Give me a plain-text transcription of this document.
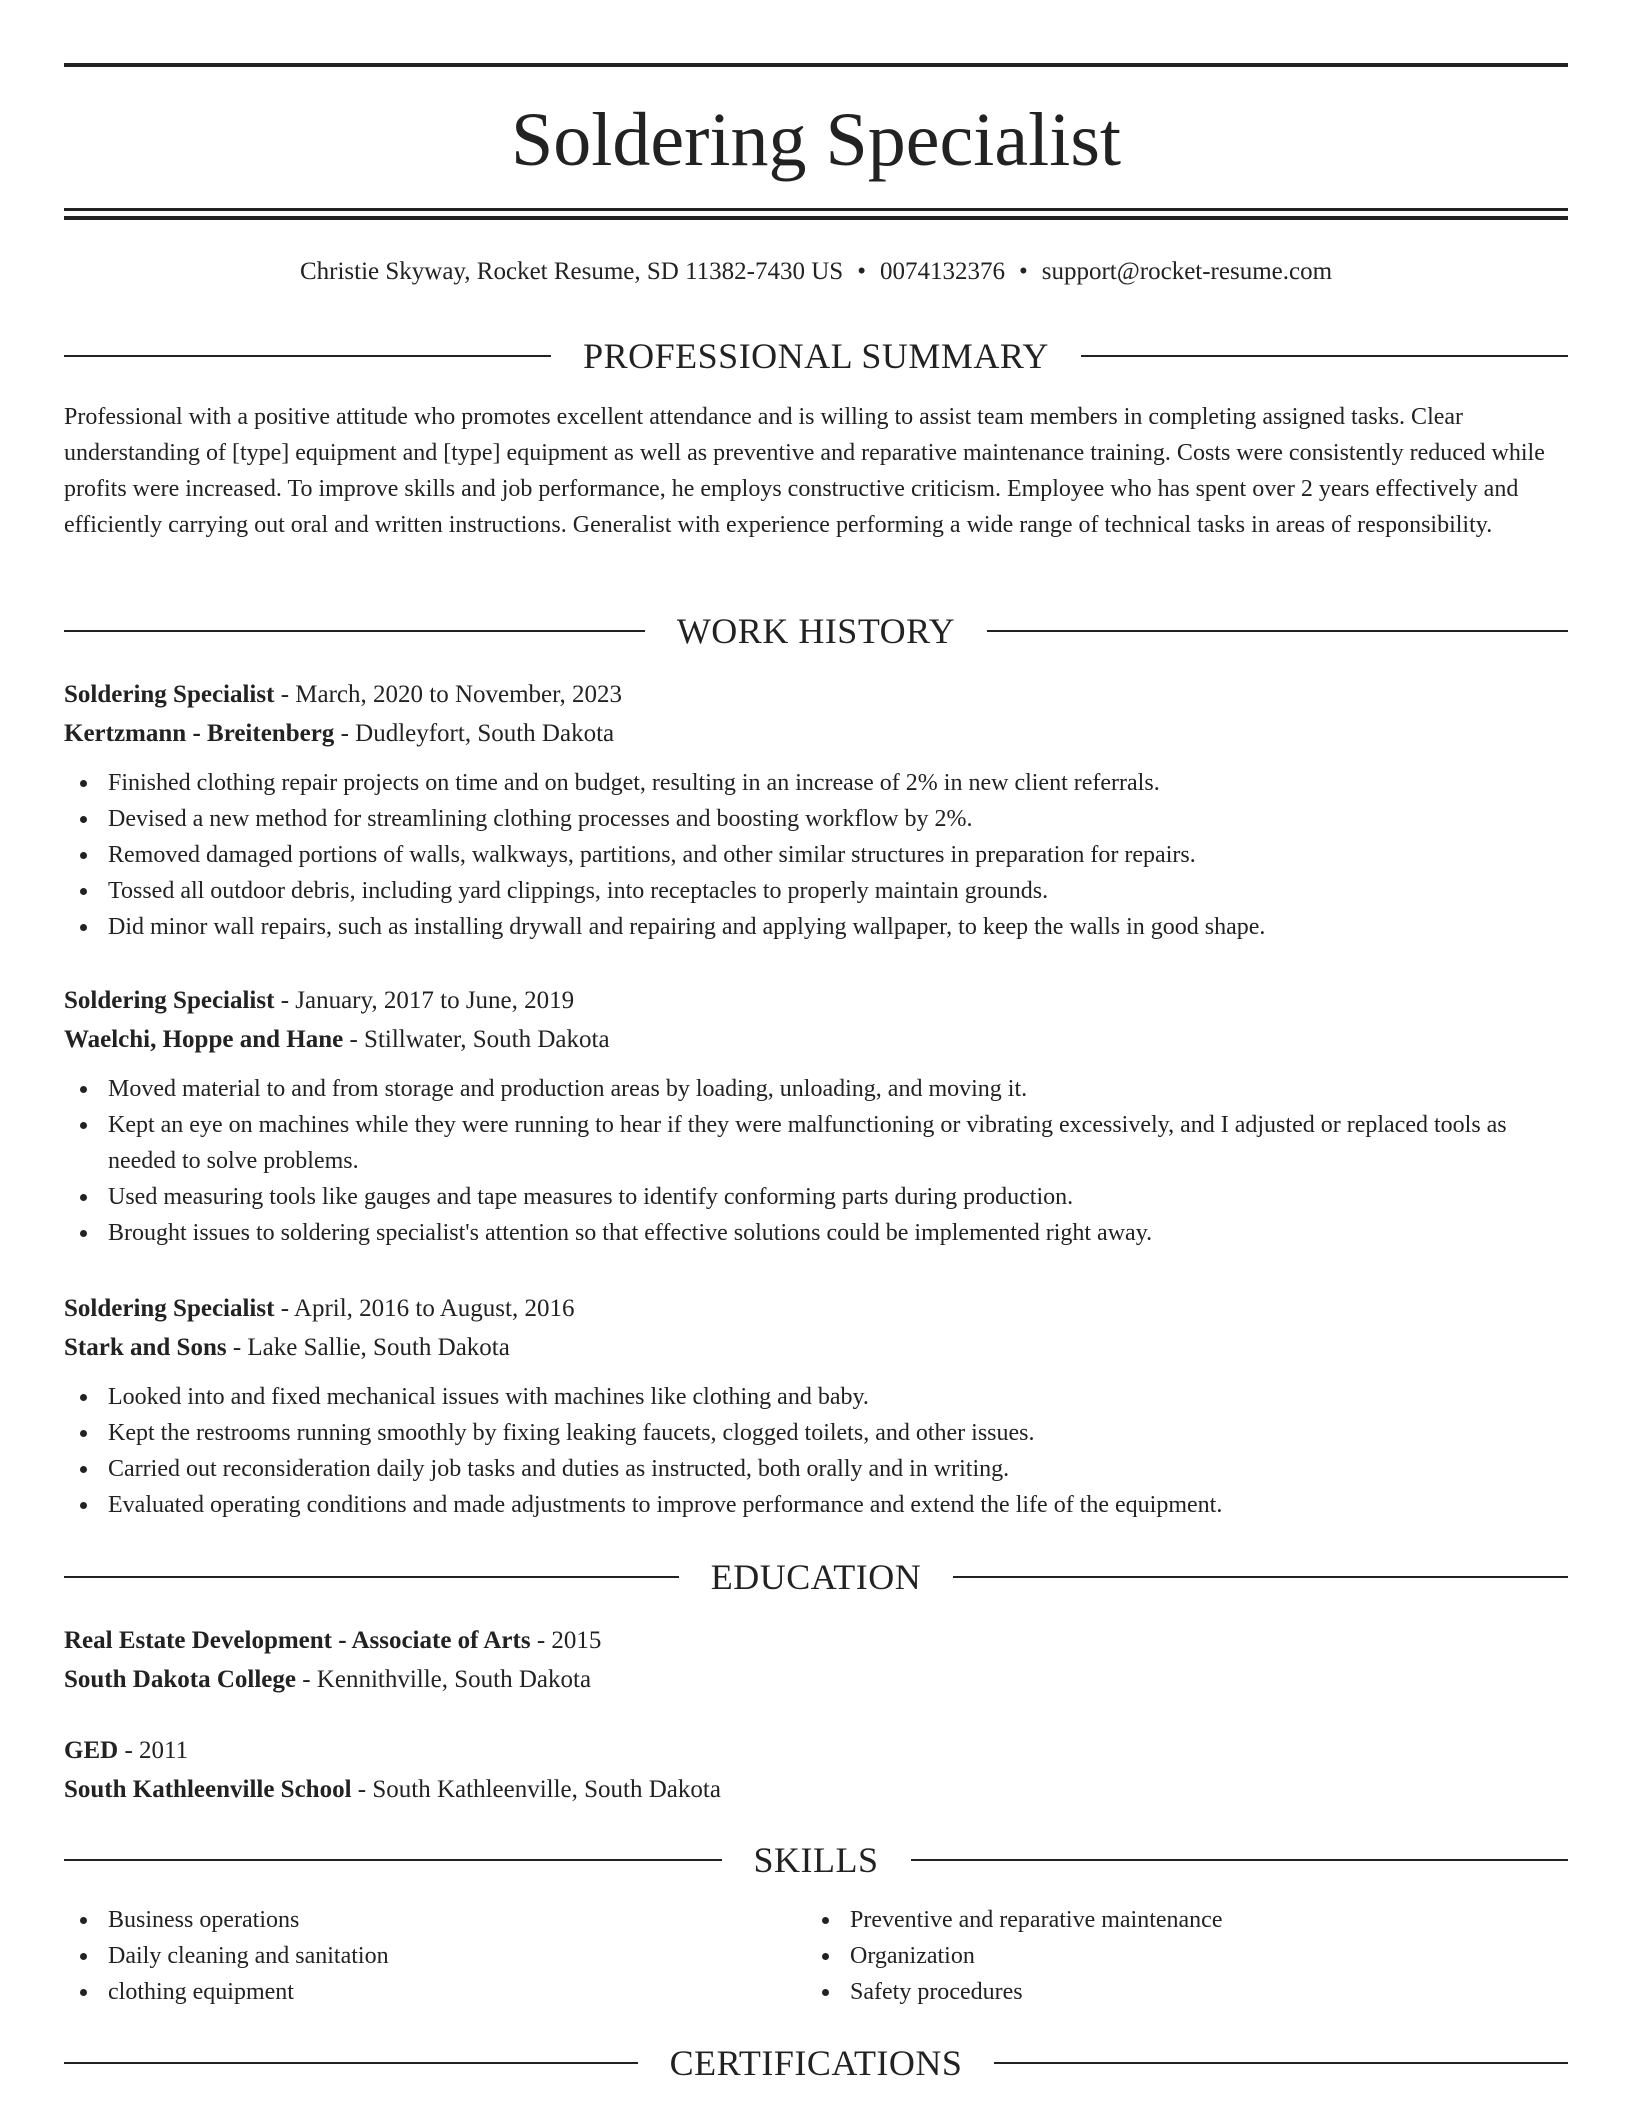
Soldering Specialist
Christie Skyway, Rocket Resume, SD 11382-7430 US • 0074132376 • support@rocket-resume.com
PROFESSIONAL SUMMARY
Professional with a positive attitude who promotes excellent attendance and is willing to assist team members in completing assigned tasks. Clear understanding of [type] equipment and [type] equipment as well as preventive and reparative maintenance training. Costs were consistently reduced while profits were increased. To improve skills and job performance, he employs constructive criticism. Employee who has spent over 2 years effectively and efficiently carrying out oral and written instructions. Generalist with experience performing a wide range of technical tasks in areas of responsibility.
WORK HISTORY
Soldering Specialist - March, 2020 to November, 2023
Kertzmann - Breitenberg - Dudleyfort, South Dakota
Finished clothing repair projects on time and on budget, resulting in an increase of 2% in new client referrals.
Devised a new method for streamlining clothing processes and boosting workflow by 2%.
Removed damaged portions of walls, walkways, partitions, and other similar structures in preparation for repairs.
Tossed all outdoor debris, including yard clippings, into receptacles to properly maintain grounds.
Did minor wall repairs, such as installing drywall and repairing and applying wallpaper, to keep the walls in good shape.
Soldering Specialist - January, 2017 to June, 2019
Waelchi, Hoppe and Hane - Stillwater, South Dakota
Moved material to and from storage and production areas by loading, unloading, and moving it.
Kept an eye on machines while they were running to hear if they were malfunctioning or vibrating excessively, and I adjusted or replaced tools as needed to solve problems.
Used measuring tools like gauges and tape measures to identify conforming parts during production.
Brought issues to soldering specialist's attention so that effective solutions could be implemented right away.
Soldering Specialist - April, 2016 to August, 2016
Stark and Sons - Lake Sallie, South Dakota
Looked into and fixed mechanical issues with machines like clothing and baby.
Kept the restrooms running smoothly by fixing leaking faucets, clogged toilets, and other issues.
Carried out reconsideration daily job tasks and duties as instructed, both orally and in writing.
Evaluated operating conditions and made adjustments to improve performance and extend the life of the equipment.
EDUCATION
Real Estate Development - Associate of Arts - 2015
South Dakota College - Kennithville, South Dakota
GED - 2011
South Kathleenville School - South Kathleenville, South Dakota
SKILLS
Business operations
Daily cleaning and sanitation
clothing equipment
Preventive and reparative maintenance
Organization
Safety procedures
CERTIFICATIONS
